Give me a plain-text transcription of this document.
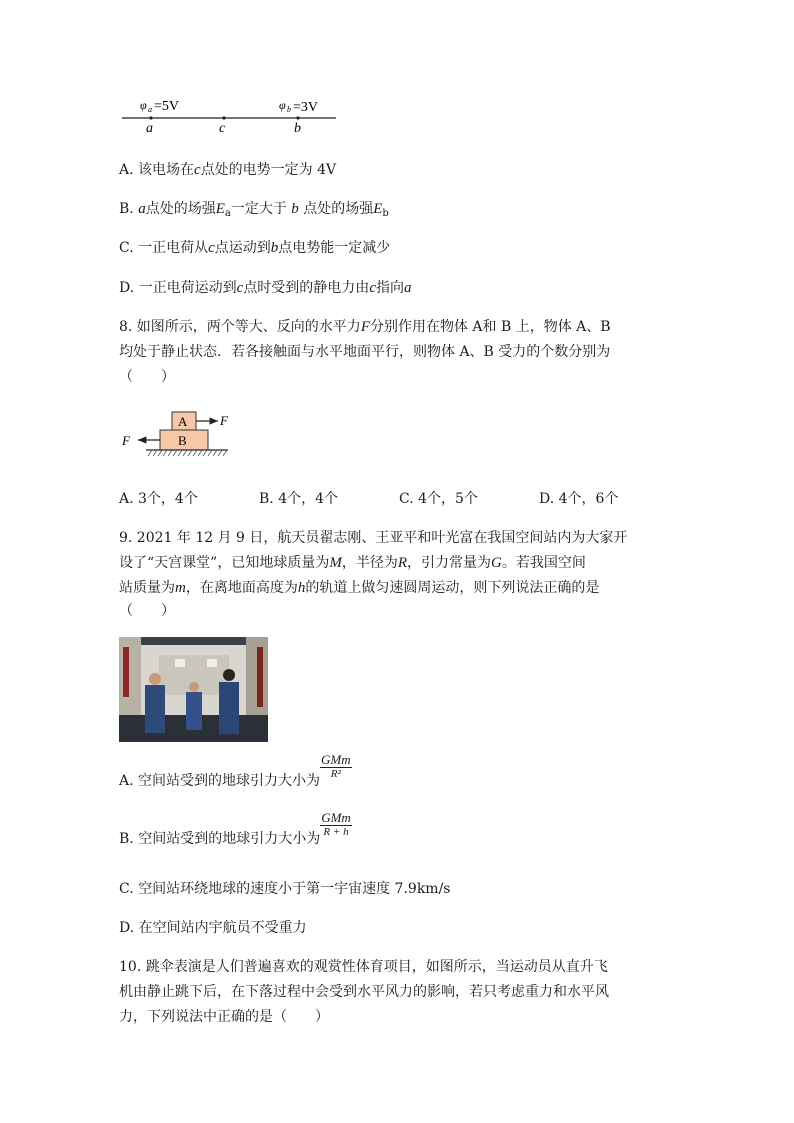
φ a =5V	φ b =3V
a	c	b
A. 该电场在c点处的电势一定为 4V
B. a点处的场强$E_a$一定大于 b 点处的场强$E_b$
C. 一正电荷从c点运动到b点电势能一定减少
D. 一正电荷运动到c点时受到的静电力由c指向a
8. 如图所示，两个等大、反向的水平力F分别作用在物体 A和 B 上，物体 A、B
均处于静止状态．若各接触面与水平地面平行，则物体 A、B 受力的个数分别为
（　　）
A
B
F
F
A. 3个，4个	B. 4个，4个	C. 4个，5个	D. 4个，6个
9. 2021 年 12 月 9 日，航天员翟志刚、王亚平和叶光富在我国空间站内为大家开
设了“天宫课堂”，已知地球质量为M，半径为R，引力常量为G。若我国空间
站质量为m，在离地面高度为h的轨道上做匀速圆周运动，则下列说法正确的是
（　　）
A. 空间站受到的地球引力大小为 $\frac{\text{GMm}}{\text{R²}}$
B. 空间站受到的地球引力大小为 $\frac{\text{GMm}}{R + h}$
C. 空间站环绕地球的速度小于第一宇宙速度 7.9km/s
D. 在空间站内宇航员不受重力
10. 跳伞表演是人们普遍喜欢的观赏性体育项目，如图所示，当运动员从直升飞
机由静止跳下后，在下落过程中会受到水平风力的影响，若只考虑重力和水平风
力，下列说法中正确的是（　　）
